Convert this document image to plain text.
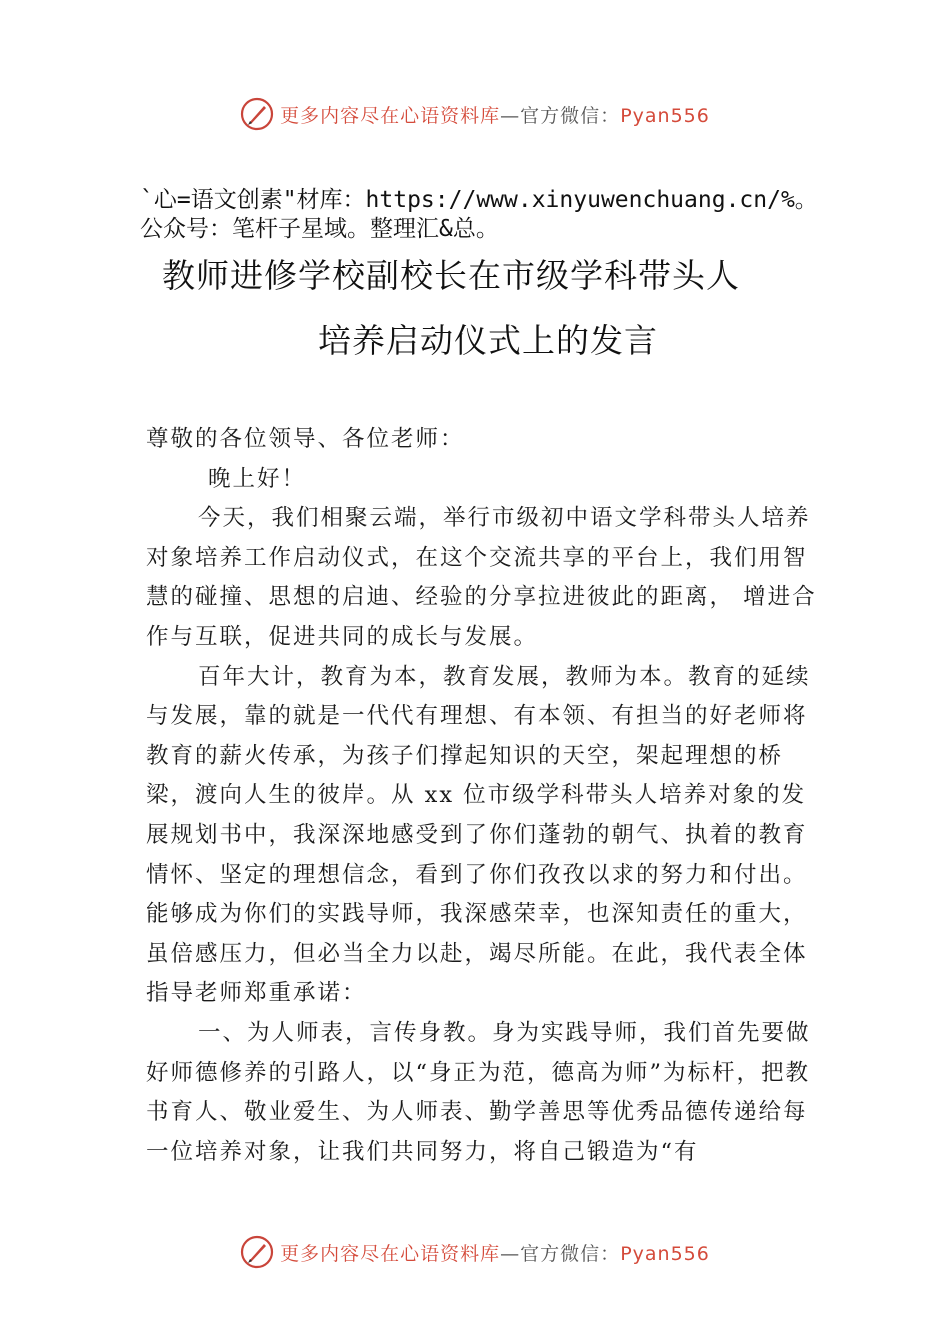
更多内容尽在心语资料库—官方微信：Pyan556
`心=语文创素"材库：https://www.xinyuwenchuang.cn/%。公众号：笔杆子星域。整理汇&总。
教师进修学校副校长在市级学科带头人
培养启动仪式上的发言

尊敬的各位领导、各位老师：

晚上好！

今天，我们相聚云端，举行市级初中语文学科带头人培养对象培养工作启动仪式，在这个交流共享的平台上，我们用智慧的碰撞、思想的启迪、经验的分享拉进彼此的距离， 增进合作与互联，促进共同的成长与发展。

百年大计，教育为本，教育发展，教师为本。教育的延续与发展，靠的就是一代代有理想、有本领、有担当的好老师将教育的薪火传承，为孩子们撑起知识的天空，架起理想的桥梁，渡向人生的彼岸。从 xx 位市级学科带头人培养对象的发展规划书中，我深深地感受到了你们蓬勃的朝气、执着的教育情怀、坚定的理想信念，看到了你们孜孜以求的努力和付出。能够成为你们的实践导师，我深感荣幸，也深知责任的重大，虽倍感压力，但必当全力以赴，竭尽所能。在此，我代表全体指导老师郑重承诺：

一、为人师表，言传身教。身为实践导师，我们首先要做好师德修养的引路人，以“身正为范，德高为师”为标杆，把教书育人、敬业爱生、为人师表、勤学善思等优秀品德传递给每一位培养对象，让我们共同努力，将自己锻造为“有

更多内容尽在心语资料库—官方微信：Pyan556
